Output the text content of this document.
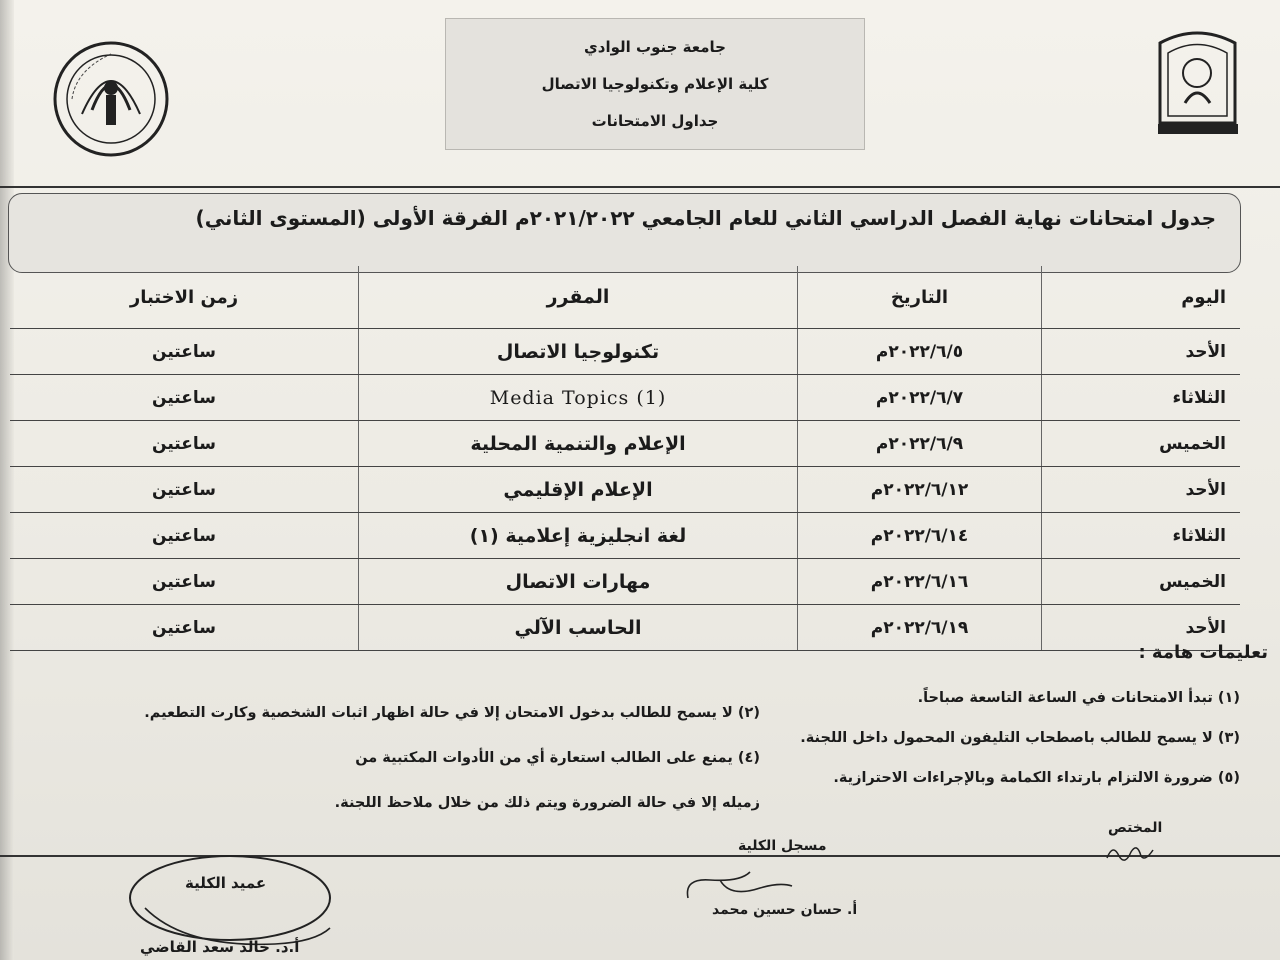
جامعة جنوب الوادي
كلية الإعلام وتكنولوجيا الاتصال
جداول الامتحانات
جدول امتحانات نهاية الفصل الدراسي الثاني للعام الجامعي ٢٠٢١/٢٠٢٢م الفرقة الأولى (المستوى الثاني)
اليوم	التاريخ	المقرر	زمن الاختبار
الأحد	٢٠٢٢/٦/٥م	تكنولوجيا الاتصال	ساعتين
الثلاثاء	٢٠٢٢/٦/٧م	Media Topics (1)	ساعتين
الخميس	٢٠٢٢/٦/٩م	الإعلام والتنمية المحلية	ساعتين
الأحد	٢٠٢٢/٦/١٢م	الإعلام الإقليمي	ساعتين
الثلاثاء	٢٠٢٢/٦/١٤م	لغة انجليزية إعلامية (١)	ساعتين
الخميس	٢٠٢٢/٦/١٦م	مهارات الاتصال	ساعتين
الأحد	٢٠٢٢/٦/١٩م	الحاسب الآلي	ساعتين
تعليمات هامة :
(١) تبدأ الامتحانات في الساعة التاسعة صباحاً.
(٢) لا يسمح للطالب بدخول الامتحان إلا في حالة اظهار اثبات الشخصية وكارت التطعيم.
(٣) لا يسمح للطالب باصطحاب التليفون المحمول داخل اللجنة.
(٤) يمنع على الطالب استعارة أي من الأدوات المكتبية من
(٥) ضرورة الالتزام بارتداء الكمامة وبالإجراءات الاحترازية.
زميله إلا في حالة الضرورة ويتم ذلك من خلال ملاحظ اللجنة.
المختص
مسجل الكلية
أ. حسان حسين محمد
عميد الكلية
أ.د. خالد سعد القاضي
